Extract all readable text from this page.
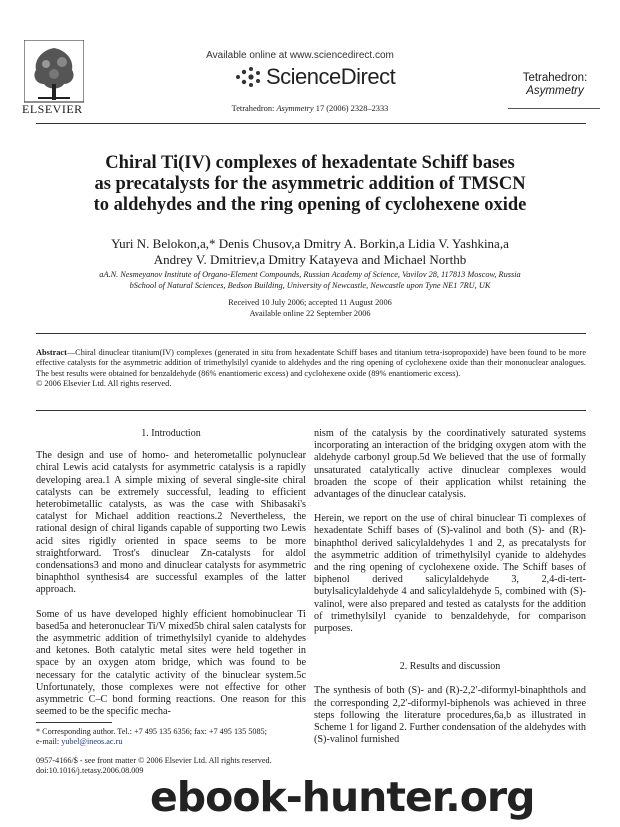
ELSEVIER
Available online at www.sciencedirect.com
ScienceDirect	Tetrahedron:
Asymmetry
Tetrahedron: Asymmetry 17 (2006) 2328–2333
Chiral Ti(IV) complexes of hexadentate Schiff bases
as precatalysts for the asymmetric addition of TMSCN
to aldehydes and the ring opening of cyclohexene oxide
Yuri N. Belokon,a,* Denis Chusov,a Dmitry A. Borkin,a Lidia V. Yashkina,a
Andrey V. Dmitriev,a Dmitry Katayeva and Michael Northb
aA.N. Nesmeyanov Institute of Organo-Element Compounds, Russian Academy of Science, Vavilov 28, 117813 Moscow, Russia
bSchool of Natural Sciences, Bedson Building, University of Newcastle, Newcastle upon Tyne NE1 7RU, UK
Received 10 July 2006; accepted 11 August 2006
Available online 22 September 2006
Abstract—Chiral dinuclear titanium(IV) complexes (generated in situ from hexadentate Schiff bases and titanium tetra-isopropoxide) have been found to be more effective catalysts for the asymmetric addition of trimethylsilyl cyanide to aldehydes and the ring opening of cyclohexene oxide than their mononuclear analogues. The best results were obtained for benzaldehyde (86% enantiomeric excess) and cyclohexene oxide (89% enantiomeric excess).
© 2006 Elsevier Ltd. All rights reserved.
1. Introduction

The design and use of homo- and heterometallic polynuclear chiral Lewis acid catalysts for asymmetric catalysis is a rapidly developing area.1 A simple mixing of several single-site chiral catalysts can be extremely successful, leading to efficient heterobimetallic catalysts, as was the case with Shibasaki's catalyst for Michael addition reactions.2 Nevertheless, the rational design of chiral ligands capable of supporting two Lewis acid sites rigidly oriented in space seems to be more straightforward. Trost's dinuclear Zn-catalysts for aldol condensations3 and mono and dinuclear catalysts for asymmetric binaphthol synthesis4 are successful examples of the latter approach.

Some of us have developed highly efficient homobinuclear Ti based5a and heteronuclear Ti/V mixed5b chiral salen catalysts for the asymmetric addition of trimethylsilyl cyanide to aldehydes and ketones. Both catalytic metal sites were held together in space by an oxygen atom bridge, which was found to be necessary for the catalytic activity of the binuclear system.5c Unfortunately, those complexes were not effective for other asymmetric C–C bond forming reactions. One reason for this seemed to be the specific mecha-

* Corresponding author. Tel.: +7 495 135 6356; fax: +7 495 135 5085;
e-mail: yubel@ineos.ac.ru
0957-4166/$ - see front matter © 2006 Elsevier Ltd. All rights reserved.
doi:10.1016/j.tetasy.2006.08.009

nism of the catalysis by the coordinatively saturated systems incorporating an interaction of the bridging oxygen atom with the aldehyde carbonyl group.5d We believed that the use of formally unsaturated catalytically active dinuclear complexes would broaden the scope of their application whilst retaining the advantages of the dinuclear catalysis.

Herein, we report on the use of chiral binuclear Ti complexes of hexadentate Schiff bases of (S)-valinol and both (S)- and (R)-binaphthol derived salicylaldehydes 1 and 2, as precatalysts for the asymmetric addition of trimethylsilyl cyanide to aldehydes and the ring opening of cyclohexene oxide. The Schiff bases of biphenol derived salicylaldehyde 3, 2,4-di-tert-butylsalicylaldehyde 4 and salicylaldehyde 5, combined with (S)-valinol, were also prepared and tested as catalysts for the addition of trimethylsilyl cyanide to benzaldehyde, for comparison purposes.

2. Results and discussion

The synthesis of both (S)- and (R)-2,2′-diformyl-binaphthols and the corresponding 2,2′-diformyl-biphenols was achieved in three steps following the literature procedures,6a,b as illustrated in Scheme 1 for ligand 2. Further condensation of the aldehydes with (S)-valinol furnished

ebook-hunter.org
